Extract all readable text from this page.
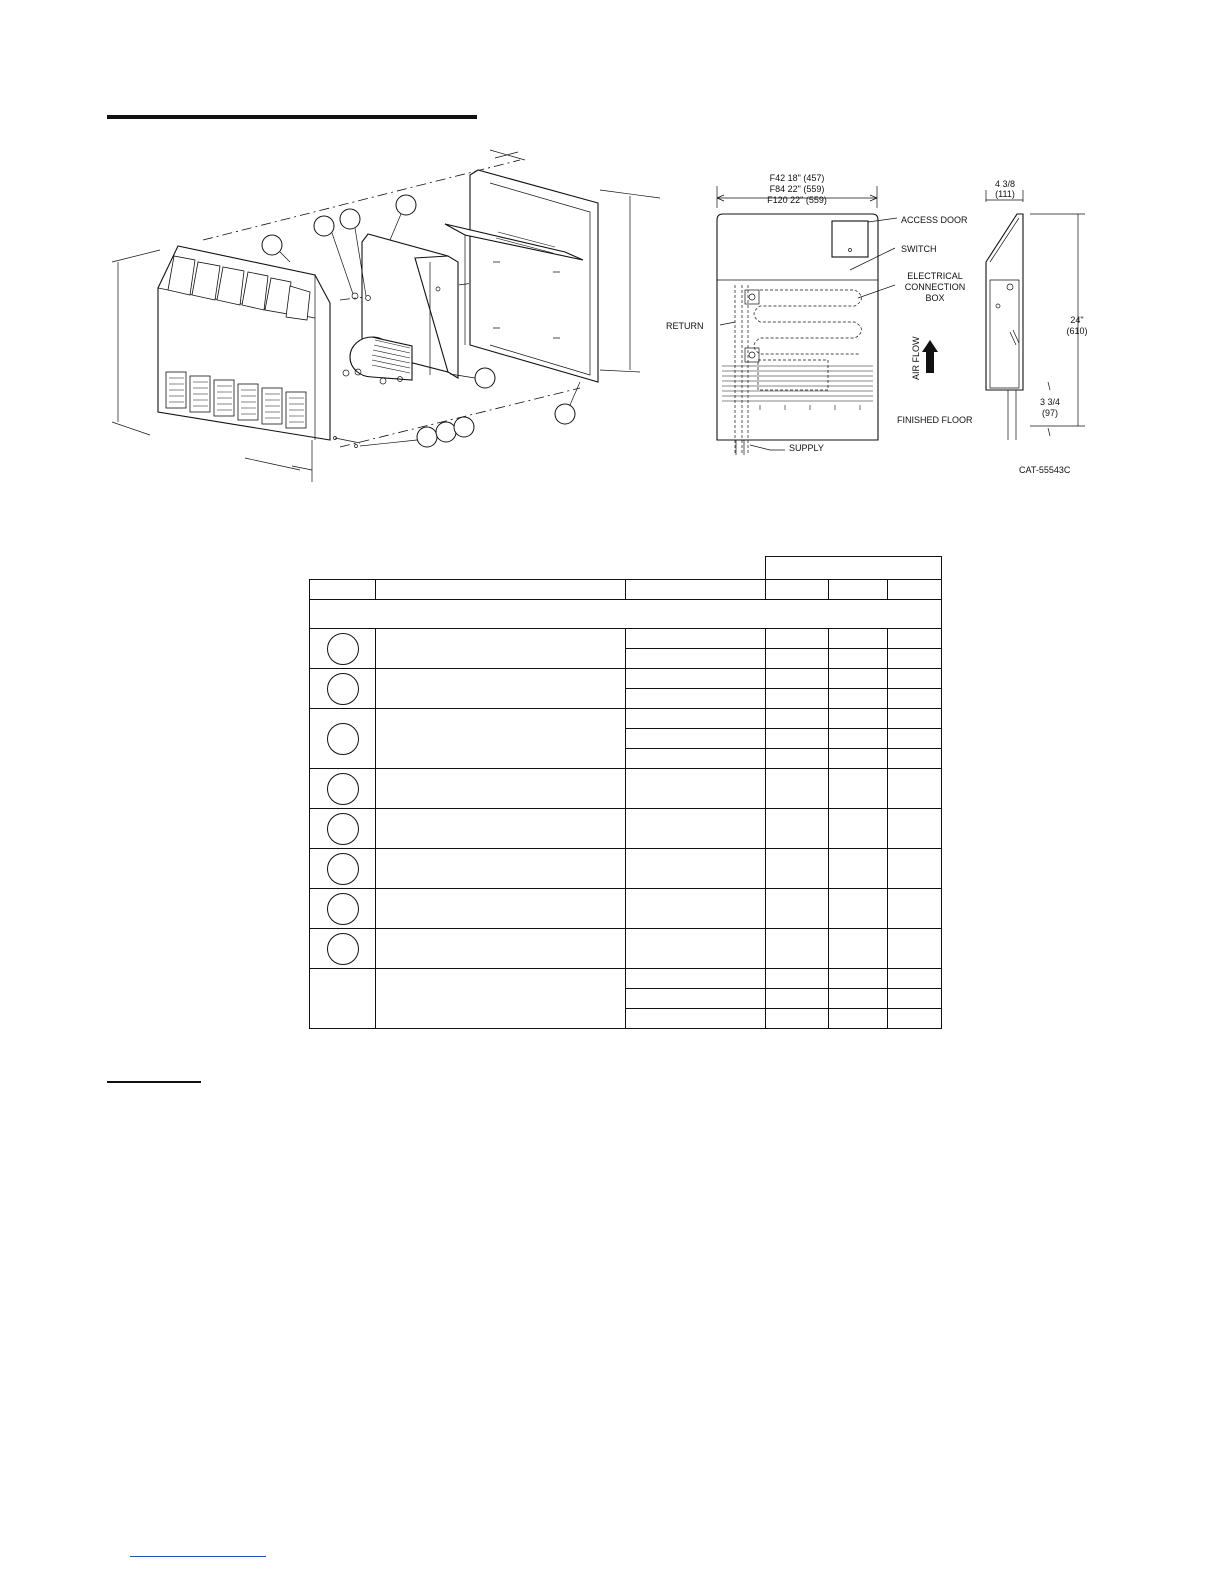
F42 18" (457)
F84 22" (559)
F120 22" (559)
ACCESS DOOR
SWITCH
ELECTRICAL
CONNECTION
BOX
RETURN
SUPPLY
AIR FLOW
FINISHED FLOOR
4 3/8
(111)
24"
(610)
3 3/4
(97)
CAT-55543C
